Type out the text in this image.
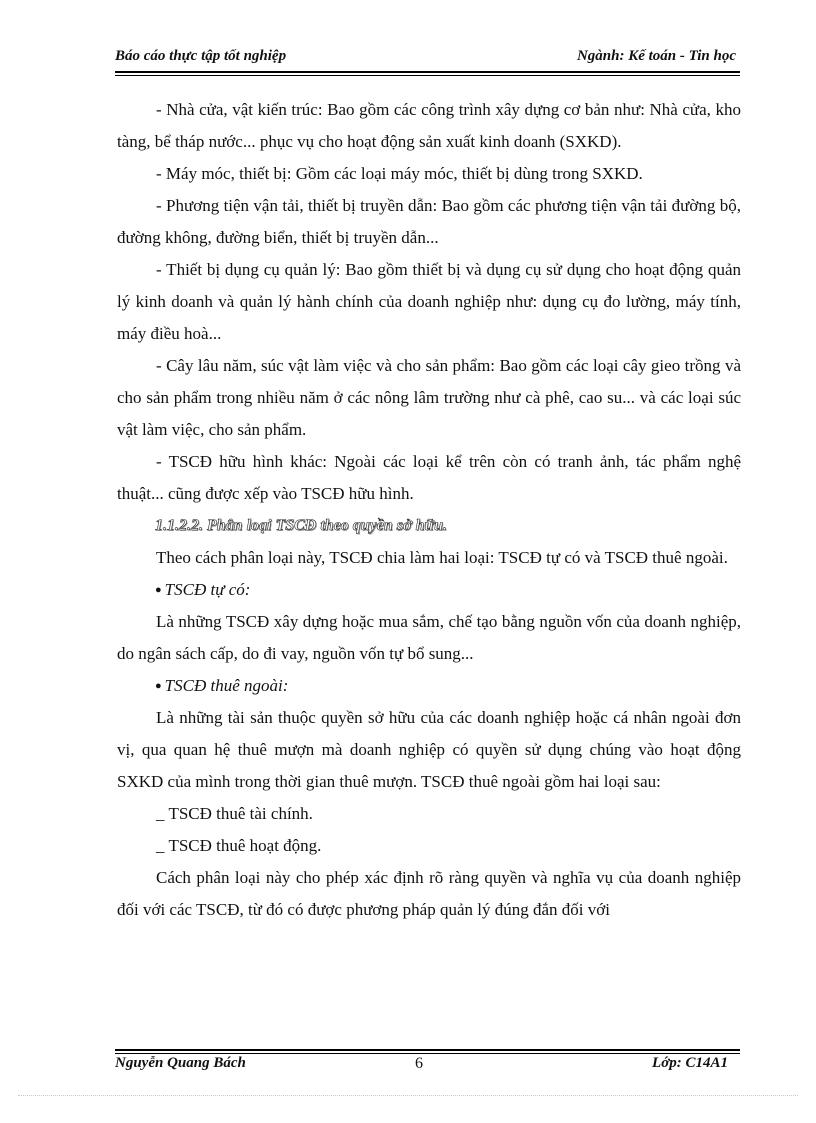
Báo cáo thực tập tốt nghiệp	Ngành: Kế toán - Tin học

- Nhà cửa, vật kiến trúc: Bao gồm các công trình xây dựng cơ bản như: Nhà cửa, kho tàng, bể tháp nước... phục vụ cho hoạt động sản xuất kinh doanh (SXKD).

- Máy móc, thiết bị: Gồm các loại máy móc, thiết bị dùng trong SXKD.

- Phương tiện vận tải, thiết bị truyền dẫn: Bao gồm các phương tiện vận tải đường bộ, đường không, đường biển, thiết bị truyền dẫn...

- Thiết bị dụng cụ quản lý: Bao gồm thiết bị và dụng cụ sử dụng cho hoạt động quản lý kinh doanh và quản lý hành chính của doanh nghiệp như: dụng cụ đo lường, máy tính, máy điều hoà...

- Cây lâu năm, súc vật làm việc và cho sản phẩm: Bao gồm các loại cây gieo trồng và cho sản phẩm trong nhiều năm ở các nông lâm trường như cà phê, cao su... và các loại súc vật làm việc, cho sản phẩm.

- TSCĐ hữu hình khác: Ngoài các loại kể trên còn có tranh ảnh, tác phẩm nghệ thuật... cũng được xếp vào TSCĐ hữu hình.

1.1.2.2. Phân loại TSCĐ theo quyền sở hữu.

Theo cách phân loại này, TSCĐ chia làm hai loại: TSCĐ tự có và TSCĐ thuê ngoài.

● TSCĐ tự có:

Là những TSCĐ xây dựng hoặc mua sắm, chế tạo bằng nguồn vốn của doanh nghiệp, do ngân sách cấp, do đi vay, nguồn vốn tự bổ sung...

● TSCĐ thuê ngoài:

Là những tài sản thuộc quyền sở hữu của các doanh nghiệp hoặc cá nhân ngoài đơn vị, qua quan hệ thuê mượn mà doanh nghiệp có quyền sử dụng chúng vào hoạt động SXKD của mình trong thời gian thuê mượn. TSCĐ thuê ngoài gồm hai loại sau:

_ TSCĐ thuê tài chính.

_ TSCĐ thuê hoạt động.

Cách phân loại này cho phép xác định rõ ràng quyền và nghĩa vụ của doanh nghiệp đối với các TSCĐ, từ đó có được phương pháp quản lý đúng đắn đối với

Nguyễn Quang Bách	6	Lớp: C14A1
